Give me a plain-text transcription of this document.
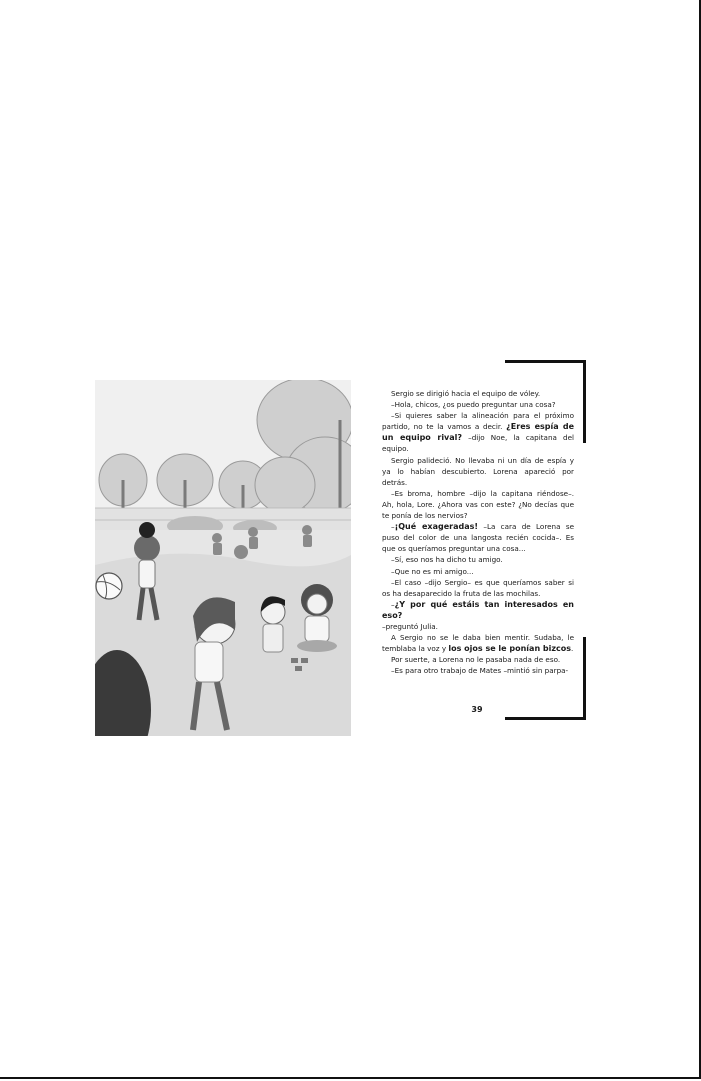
Sergio se dirigió hacia el equipo de vóley.

–Hola, chicos, ¿os puedo preguntar una cosa?

–Si quieres saber la alineación para el próximo partido, no te la vamos a decir. ¿Eres espía de un equipo rival? –dijo Noe, la capitana del equipo.

Sergio palideció. No llevaba ni un día de espía y ya lo habían descubierto. Lorena apareció por detrás.

–Es broma, hombre –dijo la capitana riéndose–. Ah, hola, Lore. ¿Ahora vas con este? ¿No decías que te ponía de los nervios?

–¡Qué exageradas! –La cara de Lorena se puso del color de una langosta recién cocida–. Es que os queríamos preguntar una cosa...

–Sí, eso nos ha dicho tu amigo.

–Que no es mi amigo...

–El caso –dijo Sergio– es que queríamos saber si os ha desaparecido la fruta de las mochilas.

–¿Y por qué estáis tan interesados en eso?

–preguntó Julia.

A Sergio no se le daba bien mentir. Sudaba, le temblaba la voz y los ojos se le ponían bizcos.

Por suerte, a Lorena no le pasaba nada de eso.

–Es para otro trabajo de Mates –mintió sin parpa-

39
